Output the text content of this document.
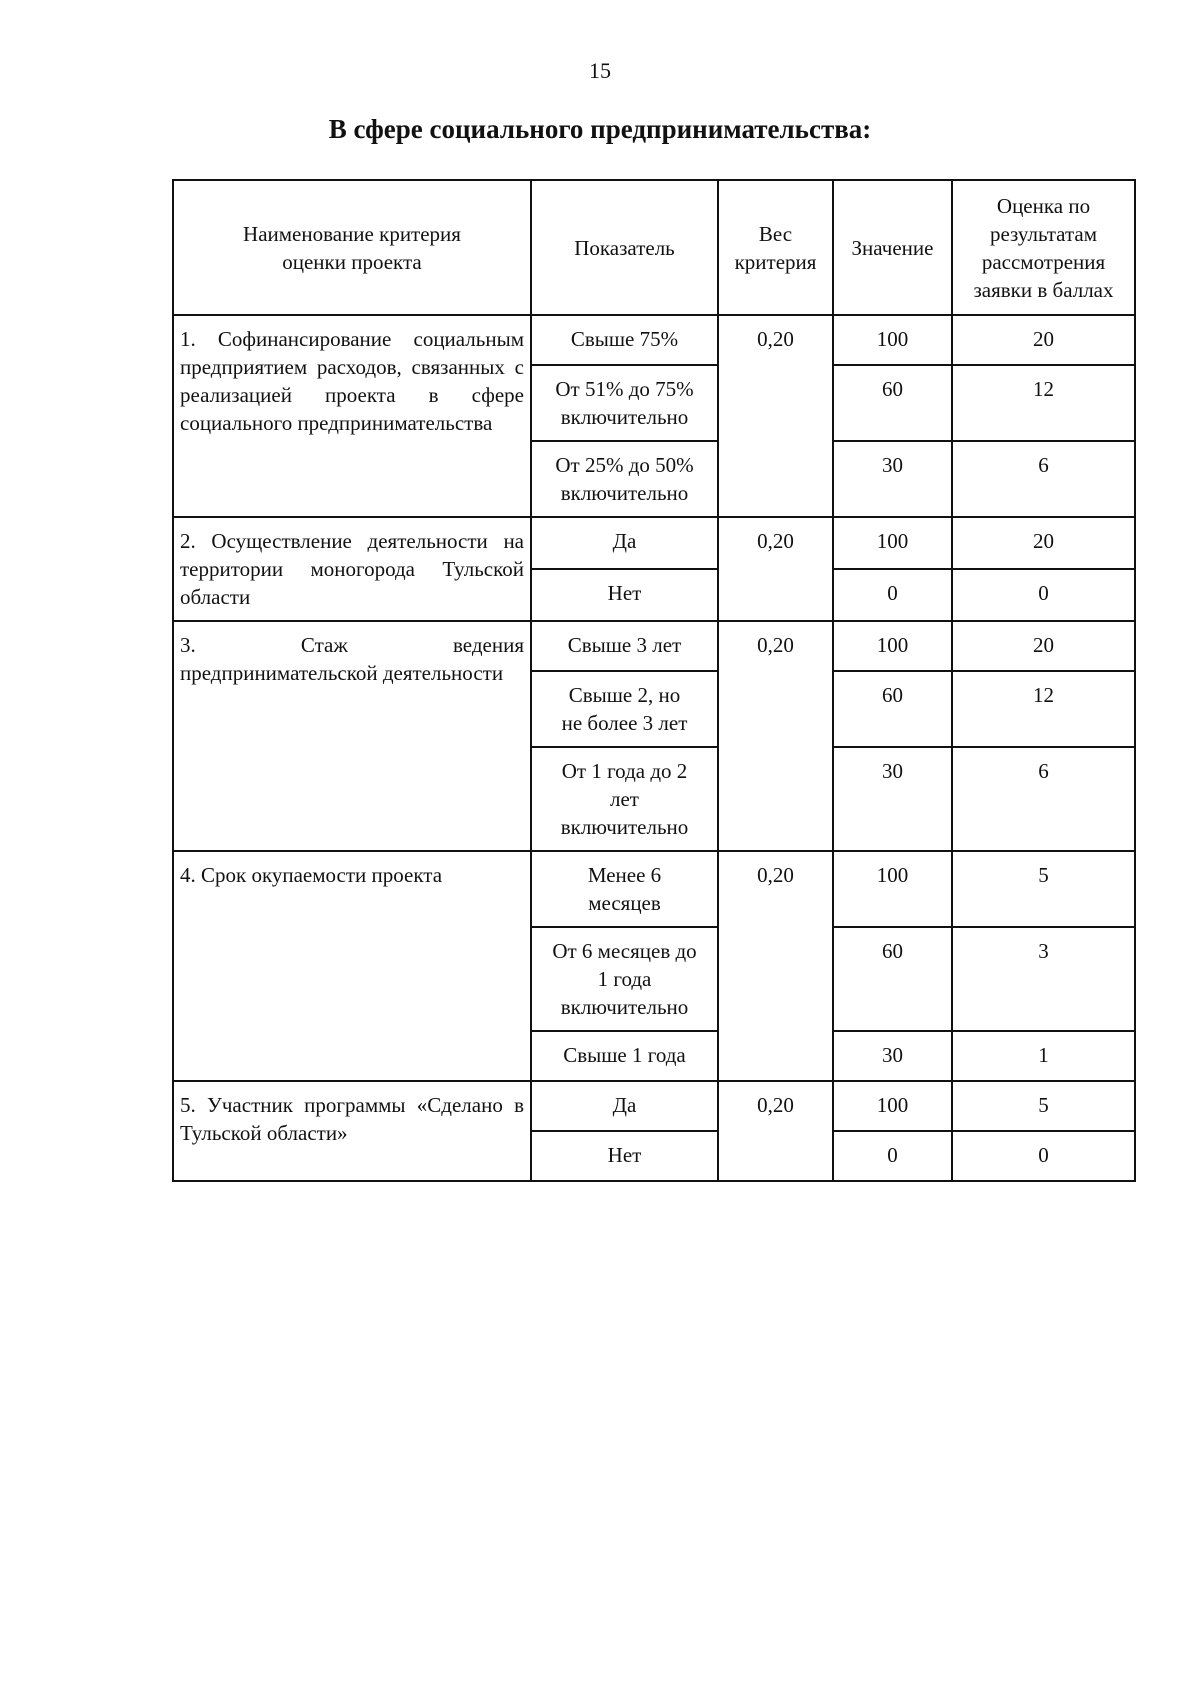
15
В сфере социального предпринимательства:
Наименование критерия оценки проекта	Показатель	Вес критерия	Значение	Оценка по результатам рассмотрения заявки в баллах
1. Софинансирование социальным предприятием расходов, связанных с реализацией проекта в сфере социального предпринимательства	Свыше 75%	0,20	100	20
	От 51% до 75% включительно		60	12
	От 25% до 50% включительно		30	6
2. Осуществление деятельности на территории моногорода Тульской области	Да	0,20	100	20
	Нет		0	0
3. Стаж ведения предпринимательской деятельности	Свыше 3 лет	0,20	100	20
	Свыше 2, но не более 3 лет		60	12
	От 1 года до 2 лет включительно		30	6
4. Срок окупаемости проекта	Менее 6 месяцев	0,20	100	5
	От 6 месяцев до 1 года включительно		60	3
	Свыше 1 года		30	1
5. Участник программы «Сделано в Тульской области»	Да	0,20	100	5
	Нет		0	0
